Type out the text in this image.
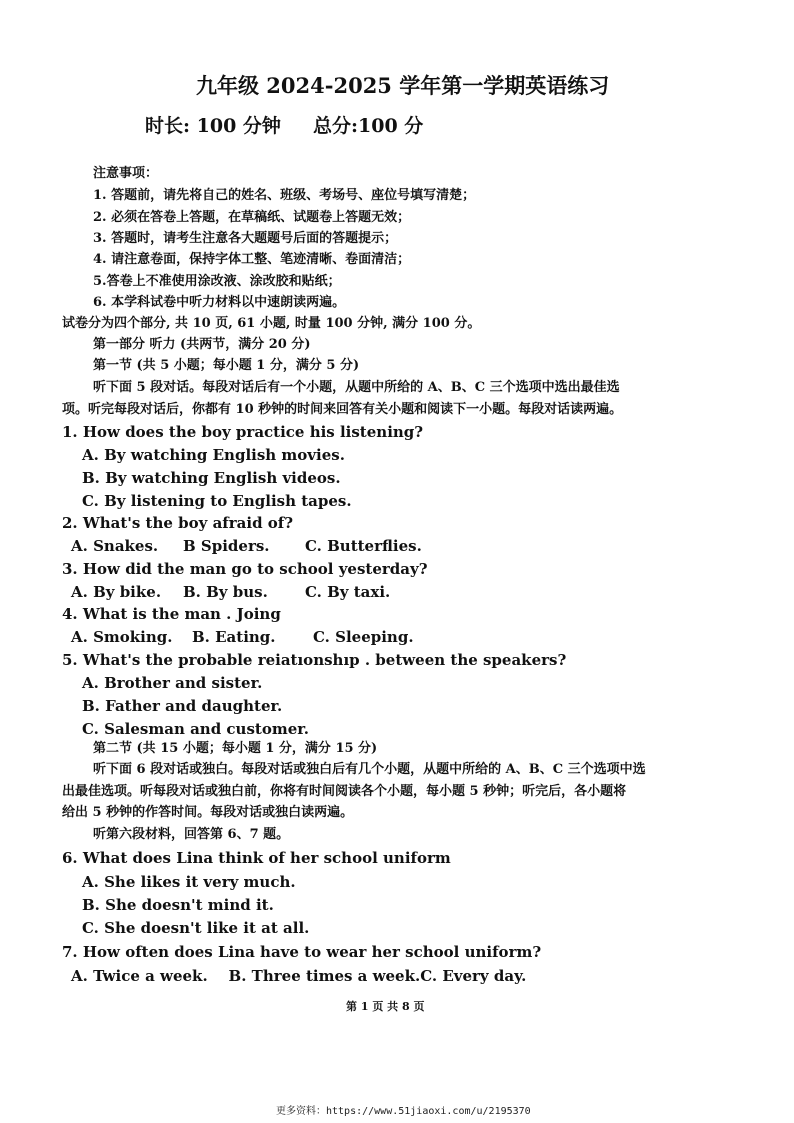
九年级 2024-2025 学年第一学期英语练习
时长: 100 分钟 总分:100 分
注意事项：
1. 答题前，请先将自己的姓名、班级、考场号、座位号填写清楚；
2. 必须在答卷上答题，在草稿纸、试题卷上答题无效；
3. 答题时，请考生注意各大题题号后面的答题提示；
4. 请注意卷面，保持字体工整、笔迹清晰、卷面清洁；
5.答卷上不准使用涂改液、涂改胶和贴纸；
6. 本学科试卷中听力材料以中速朗读两遍。
试卷分为四个部分, 共 10 页, 61 小题, 时量 100 分钟, 满分 100 分。
第一部分 听力 (共两节，满分 20 分)
第一节 (共 5 小题；每小题 1 分，满分 5 分)
听下面 5 段对话。每段对话后有一个小题，从题中所给的 A、B、C 三个选项中选出最佳选
项。听完每段对话后，你都有 10 秒钟的时间来回答有关小题和阅读下一小题。每段对话读两遍。
1. How does the boy practice his listening?
A. By watching English movies.
B. By watching English videos.
C. By listening to English tapes.
2. What's the boy afraid of?
A. Snakes. B Spiders. C. Butterflies.
3. How did the man go to school yesterday?
A. By bike. B. By bus. C. By taxi.
4. What is the man . Joing
A. Smoking. B. Eating. C. Sleeping.
5. What's the probable reiatıonshıp . between the speakers?
A. Brother and sister.
B. Father and daughter.
C. Salesman and customer.
第二节 (共 15 小题；每小题 1 分，满分 15 分)
听下面 6 段对话或独白。每段对话或独白后有几个小题，从题中所给的 A、B、C 三个选项中选
出最佳选项。听每段对话或独白前，你将有时间阅读各个小题，每小题 5 秒钟；听完后，各小题将
给出 5 秒钟的作答时间。每段对话或独白读两遍。
听第六段材料，回答第 6、7 题。
6. What does Lina think of her school uniform
A. She likes it very much.
B. She doesn't mind it.
C. She doesn't like it at all.
7. How often does Lina have to wear her school uniform?
A. Twice a week.    B. Three times a week.C. Every day.
第 1 页 共 8 页
更多资料：https://www.51jiaoxi.com/u/2195370
